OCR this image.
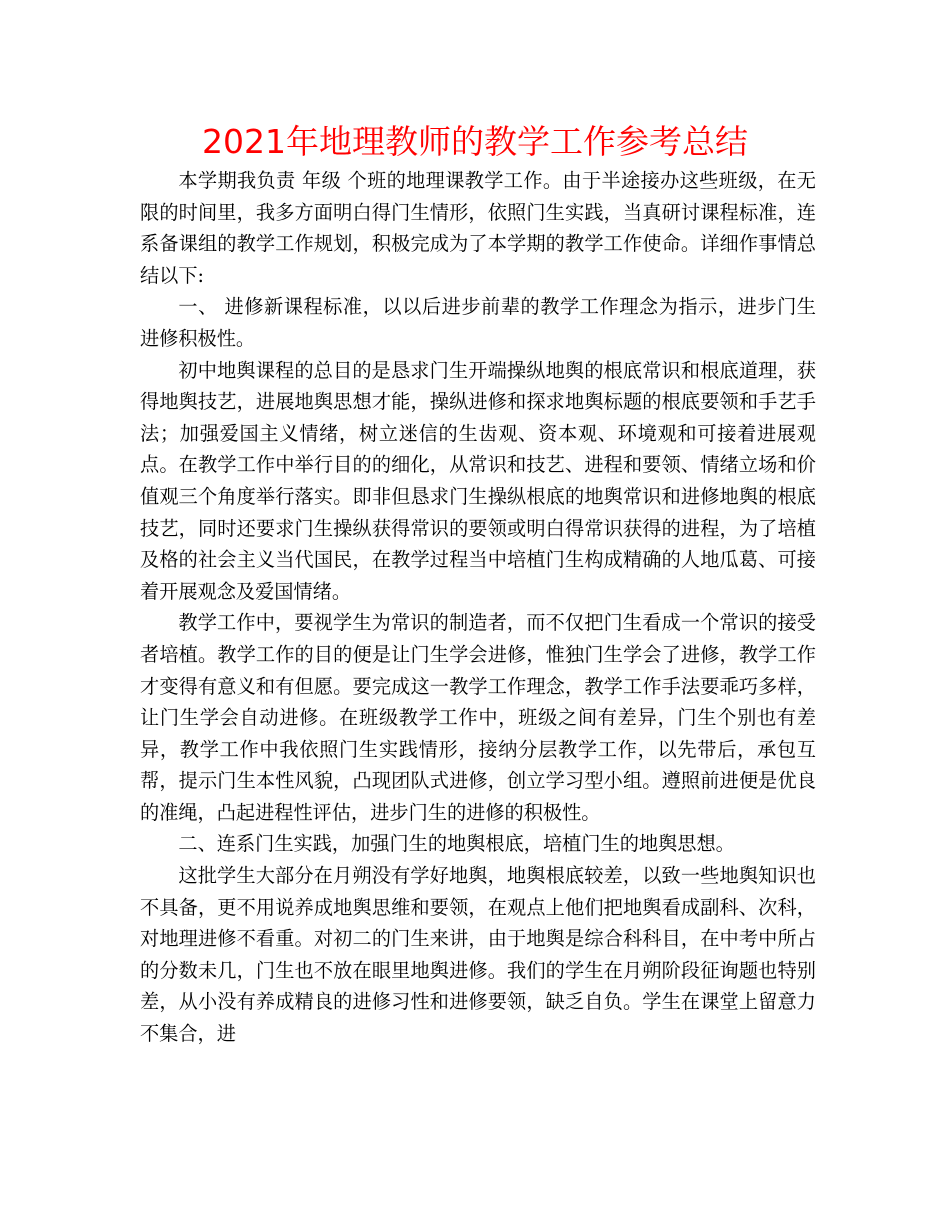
2021年地理教师的教学工作参考总结

本学期我负责 年级 个班的地理课教学工作。由于半途接办这些班级，在无限的时间里，我多方面明白得门生情形，依照门生实践，当真研讨课程标准，连系备课组的教学工作规划，积极完成为了本学期的教学工作使命。详细作事情总结以下:

一、 进修新课程标准，以以后进步前辈的教学工作理念为指示，进步门生进修积极性。

初中地舆课程的总目的是恳求门生开端操纵地舆的根底常识和根底道理，获得地舆技艺，进展地舆思想才能，操纵进修和探求地舆标题的根底要领和手艺手法；加强爱国主义情绪，树立迷信的生齿观、资本观、环境观和可接着进展观点。在教学工作中举行目的的细化，从常识和技艺、进程和要领、情绪立场和价值观三个角度举行落实。即非但恳求门生操纵根底的地舆常识和进修地舆的根底技艺，同时还要求门生操纵获得常识的要领或明白得常识获得的进程，为了培植及格的社会主义当代国民，在教学过程当中培植门生构成精确的人地瓜葛、可接着开展观念及爱国情绪。

教学工作中，要视学生为常识的制造者，而不仅把门生看成一个常识的接受者培植。教学工作的目的便是让门生学会进修，惟独门生学会了进修，教学工作才变得有意义和有但愿。要完成这一教学工作理念，教学工作手法要乖巧多样，让门生学会自动进修。在班级教学工作中，班级之间有差异，门生个别也有差异，教学工作中我依照门生实践情形，接纳分层教学工作，以先带后，承包互帮，提示门生本性风貌，凸现团队式进修，创立学习型小组。遵照前进便是优良的准绳，凸起进程性评估，进步门生的进修的积极性。

二、连系门生实践，加强门生的地舆根底，培植门生的地舆思想。

这批学生大部分在月朔没有学好地舆，地舆根底较差，以致一些地舆知识也不具备，更不用说养成地舆思维和要领，在观点上他们把地舆看成副科、次科，对地理进修不看重。对初二的门生来讲，由于地舆是综合科科目，在中考中所占的分数未几，门生也不放在眼里地舆进修。我们的学生在月朔阶段征询题也特别差，从小没有养成精良的进修习性和进修要领，缺乏自负。学生在课堂上留意力不集合，进
